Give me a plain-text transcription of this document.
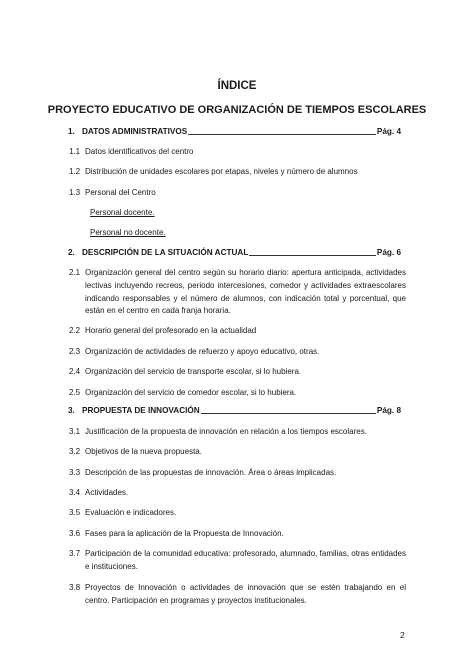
ÍNDICE
PROYECTO EDUCATIVO DE ORGANIZACIÓN DE TIEMPOS ESCOLARES
1. DATOS ADMINISTRATIVOS	Pág. 4
1.1 Datos identificativos del centro
1.2 Distribución de unidades escolares por etapas, niveles y número de alumnos
1.3 Personal del Centro
Personal docente.
Personal no docente.
2. DESCRIPCIÓN DE LA SITUACIÓN ACTUAL	Pág. 6
2.1 Organización general del centro según su horario diario: apertura anticipada, actividades lectivas incluyendo recreos, periodo intercesiones, comedor y actividades extraescolares indicando responsables y el número de alumnos, con indicación total y porcentual, que están en el centro en cada franja horaria.
2.2 Horario general del profesorado en la actualidad
2.3 Organización de actividades de refuerzo y apoyo educativo, otras.
2.4 Organización del servicio de transporte escolar, si lo hubiera.
2.5 Organización del servicio de comedor escolar, si lo hubiera.
3. PROPUESTA DE INNOVACIÓN	Pág. 8
3.1 Justificación de la propuesta de innovación en relación a los tiempos escolares.
3.2 Objetivos de la nueva propuesta.
3.3 Descripción de las propuestas de innovación. Área o áreas implicadas.
3.4 Actividades.
3.5 Evaluación e indicadores.
3.6 Fases para la aplicación de la Propuesta de Innovación.
3.7 Participación de la comunidad educativa: profesorado, alumnado, familias, otras entidades e instituciones.
3.8 Proyectos de Innovación o actividades de innovación que se estén trabajando en el centro. Participación en programas y proyectos institucionales.
2
